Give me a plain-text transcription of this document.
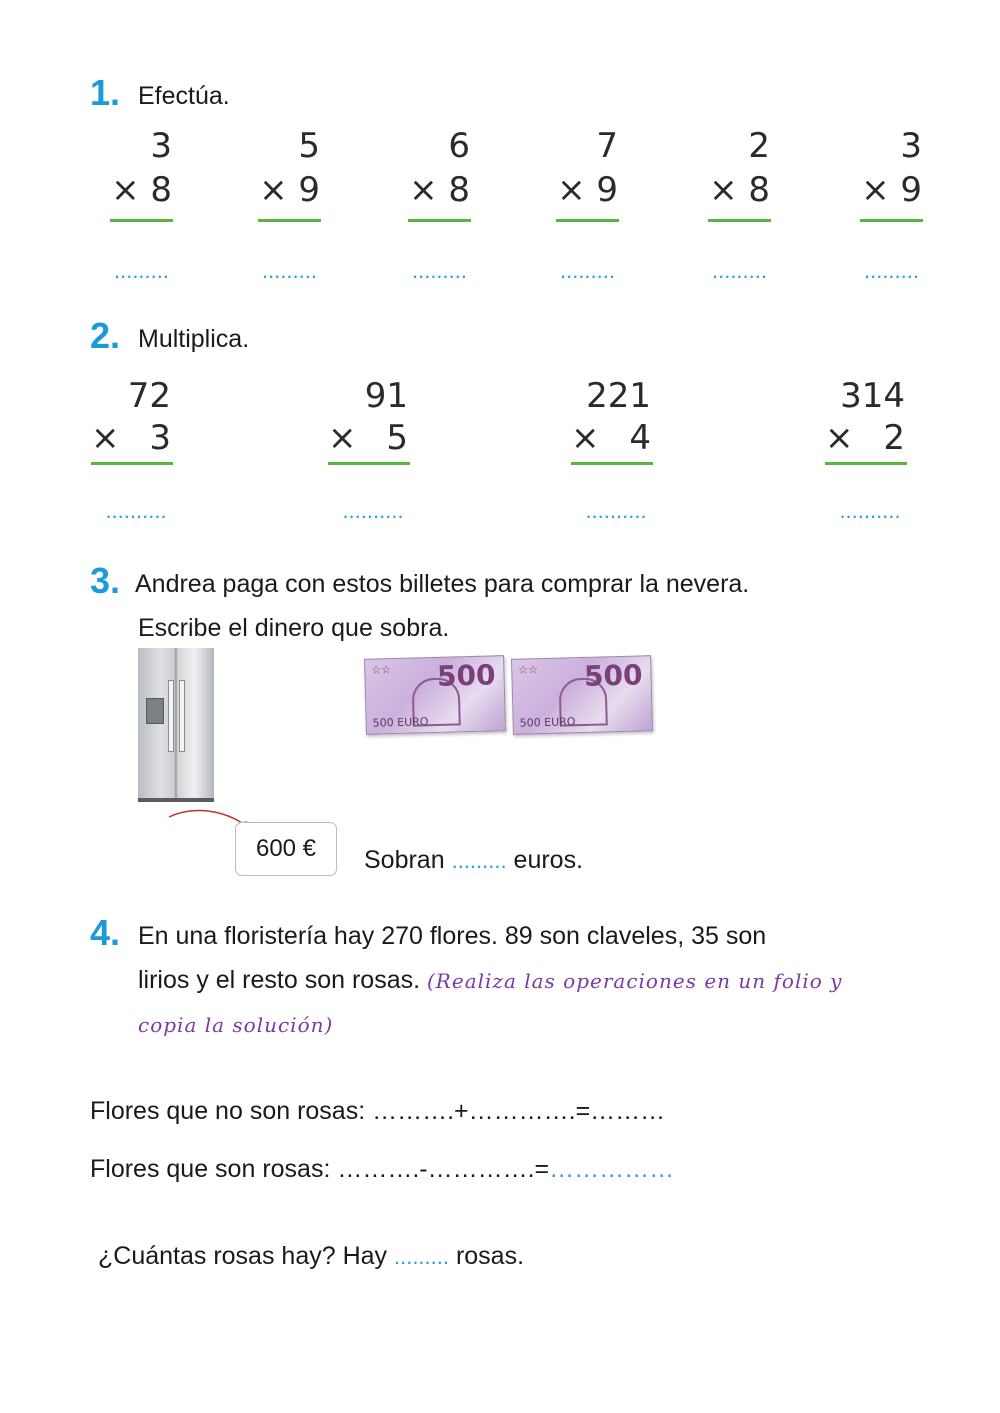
1. Efectúa.
3
× 8
.........
5
× 9
.........
6
× 8
.........
7
× 9
.........
2
× 8
.........
3
× 9
.........
2. Multiplica.
72
× 3
..........
91
× 5
..........
221
× 4
..........
314
× 2
..........
3. Andrea paga con estos billetes para comprar la nevera.
Escribe el dinero que sobra.
600 €
☆☆ 500
500 EURO
☆☆ 500
500 EURO
Sobran ......... euros.
4. En una floristería hay 270 flores. 89 son claveles, 35 son
lirios y el resto son rosas. (Realiza las operaciones en un folio y
copia la solución)
Flores que no son rosas: ……….+………….=………
Flores que son rosas: ……….-………….=……………
¿Cuántas rosas hay? Hay ......... rosas.
